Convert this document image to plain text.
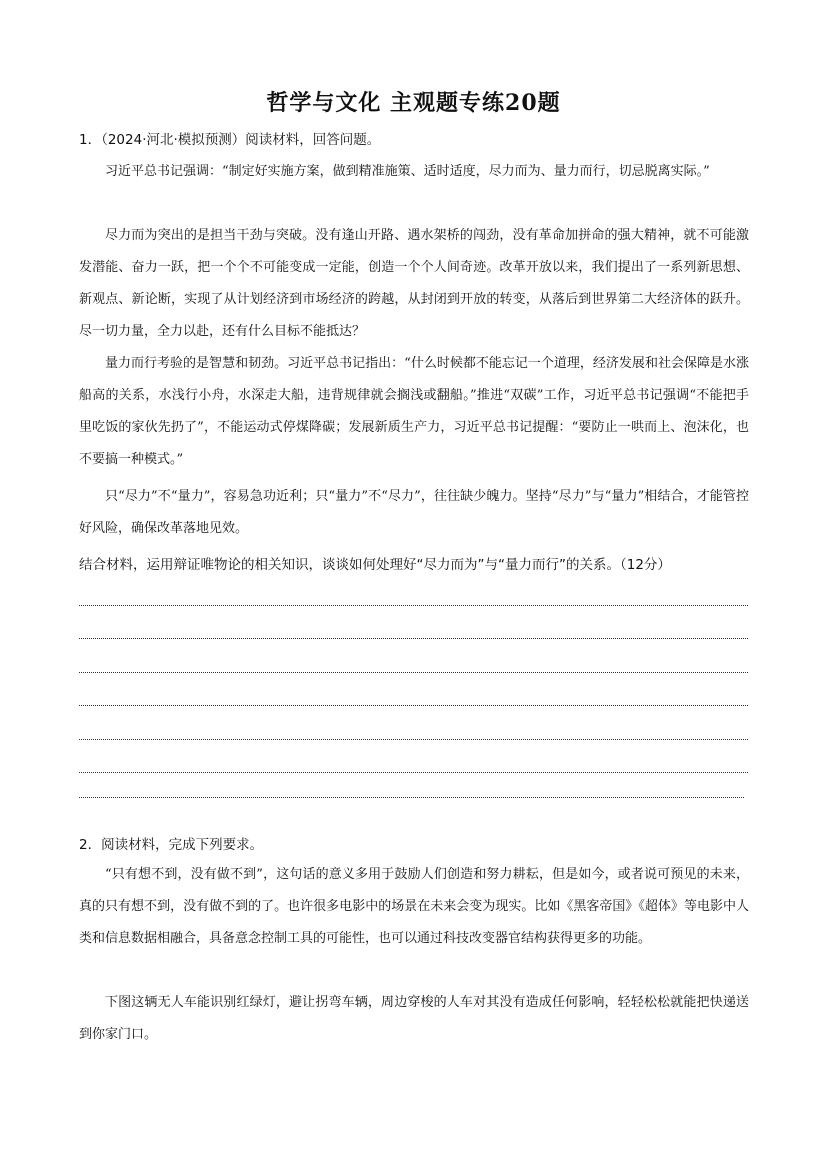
哲学与文化 主观题专练20题
1．（2024·河北·模拟预测）阅读材料，回答问题。
习近平总书记强调：“制定好实施方案，做到精准施策、适时适度，尽力而为、量力而行，切忌脱离实际。”
尽力而为突出的是担当干劲与突破。没有逢山开路、遇水架桥的闯劲，没有革命加拼命的强大精神，就不可能激发潜能、奋力一跃，把一个个不可能变成一定能，创造一个个人间奇迹。改革开放以来，我们提出了一系列新思想、新观点、新论断，实现了从计划经济到市场经济的跨越，从封闭到开放的转变，从落后到世界第二大经济体的跃升。尽一切力量，全力以赴，还有什么目标不能抵达？
量力而行考验的是智慧和韧劲。习近平总书记指出：“什么时候都不能忘记一个道理，经济发展和社会保障是水涨船高的关系，水浅行小舟，水深走大船，违背规律就会搁浅或翻船。”推进“双碳”工作，习近平总书记强调“不能把手里吃饭的家伙先扔了”，不能运动式停煤降碳；发展新质生产力，习近平总书记提醒：“要防止一哄而上、泡沫化，也不要搞一种模式。”
只“尽力”不“量力”，容易急功近利；只“量力”不“尽力”，往往缺少魄力。坚持“尽力”与“量力”相结合，才能管控好风险，确保改革落地见效。
结合材料，运用辩证唯物论的相关知识，谈谈如何处理好“尽力而为”与“量力而行”的关系。（12分）
2．阅读材料，完成下列要求。
“只有想不到，没有做不到”，这句话的意义多用于鼓励人们创造和努力耕耘，但是如今，或者说可预见的未来，真的只有想不到，没有做不到的了。也许很多电影中的场景在未来会变为现实。比如《黑客帝国》《超体》等电影中人类和信息数据相融合，具备意念控制工具的可能性，也可以通过科技改变器官结构获得更多的功能。
下图这辆无人车能识别红绿灯，避让拐弯车辆，周边穿梭的人车对其没有造成任何影响，轻轻松松就能把快递送到你家门口。
